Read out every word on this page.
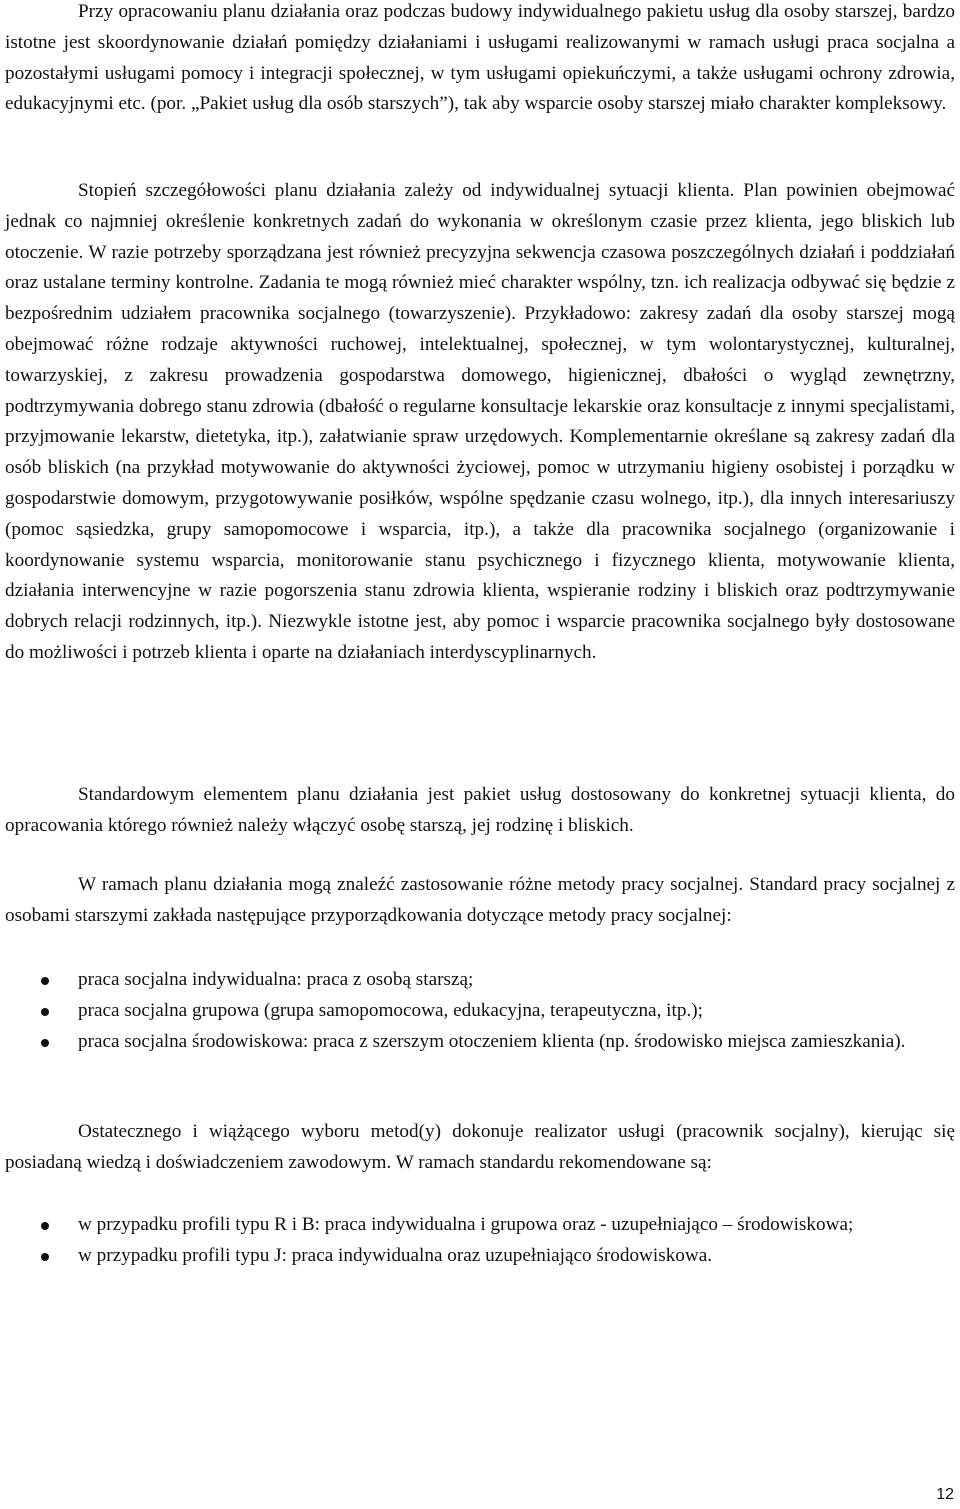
Przy opracowaniu planu działania oraz podczas budowy indywidualnego pakietu usług dla osoby starszej, bardzo istotne jest skoordynowanie działań pomiędzy działaniami i usługami realizowanymi w ramach usługi praca socjalna a pozostałymi usługami pomocy i integracji społecznej, w tym usługami opiekuńczymi, a także usługami ochrony zdrowia, edukacyjnymi etc. (por. „Pakiet usług dla osób starszych”), tak aby wsparcie osoby starszej miało charakter kompleksowy.

Stopień szczegółowości planu działania zależy od indywidualnej sytuacji klienta. Plan powinien obejmować jednak co najmniej określenie konkretnych zadań do wykonania w określonym czasie przez klienta, jego bliskich lub otoczenie. W razie potrzeby sporządzana jest również precyzyjna sekwencja czasowa poszczególnych działań i poddziałań oraz ustalane terminy kontrolne. Zadania te mogą również mieć charakter wspólny, tzn. ich realizacja odbywać się będzie z bezpośrednim udziałem pracownika socjalnego (towarzyszenie). Przykładowo: zakresy zadań dla osoby starszej mogą obejmować różne rodzaje aktywności ruchowej, intelektualnej, społecznej, w tym wolontarystycznej, kulturalnej, towarzyskiej, z zakresu prowadzenia gospodarstwa domowego, higienicznej, dbałości o wygląd zewnętrzny, podtrzymywania dobrego stanu zdrowia (dbałość o regularne konsultacje lekarskie oraz konsultacje z innymi specjalistami, przyjmowanie lekarstw, dietetyka, itp.), załatwianie spraw urzędowych. Komplementarnie określane są zakresy zadań dla osób bliskich (na przykład motywowanie do aktywności życiowej, pomoc w utrzymaniu higieny osobistej i porządku w gospodarstwie domowym, przygotowywanie posiłków, wspólne spędzanie czasu wolnego, itp.), dla innych interesariuszy (pomoc sąsiedzka, grupy samopomocowe i wsparcia, itp.), a także dla pracownika socjalnego (organizowanie i koordynowanie systemu wsparcia, monitorowanie stanu psychicznego i fizycznego klienta, motywowanie klienta, działania interwencyjne w razie pogorszenia stanu zdrowia klienta, wspieranie rodziny i bliskich oraz podtrzymywanie dobrych relacji rodzinnych, itp.). Niezwykle istotne jest, aby pomoc i wsparcie pracownika socjalnego były dostosowane do możliwości i potrzeb klienta i oparte na działaniach interdyscyplinarnych.

Standardowym elementem planu działania jest pakiet usług dostosowany do konkretnej sytuacji klienta, do opracowania którego również należy włączyć osobę starszą, jej rodzinę i bliskich.

W ramach planu działania mogą znaleźć zastosowanie różne metody pracy socjalnej. Standard pracy socjalnej z osobami starszymi zakłada następujące przyporządkowania dotyczące metody pracy socjalnej:

praca socjalna indywidualna: praca z osobą starszą;
praca socjalna grupowa (grupa samopomocowa, edukacyjna, terapeutyczna, itp.);
praca socjalna środowiskowa: praca z szerszym otoczeniem klienta (np. środowisko miejsca zamieszkania).

Ostatecznego i wiążącego wyboru metod(y) dokonuje realizator usługi (pracownik socjalny), kierując się posiadaną wiedzą i doświadczeniem zawodowym. W ramach standardu rekomendowane są:

w przypadku profili typu R i B: praca indywidualna i grupowa oraz - uzupełniająco – środowiskowa;
w przypadku profili typu J: praca indywidualna oraz uzupełniająco środowiskowa.
12
